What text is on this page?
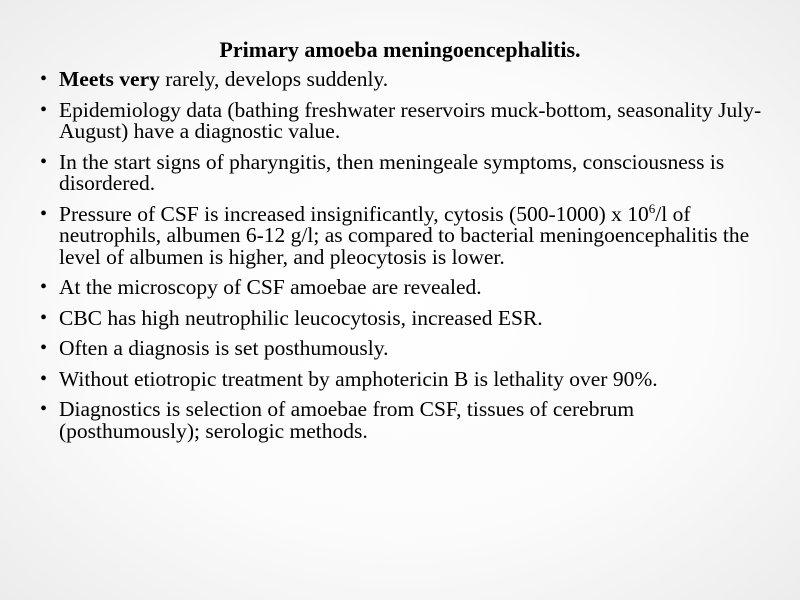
Primary amoeba meningoencephalitis.
• Meets very rarely, develops suddenly.
• Epidemiology data (bathing freshwater reservoirs muck-bottom, seasonality July-August) have a diagnostic value.
• In the start signs of pharyngitis, then meningeale symptoms, consciousness is disordered.
• Pressure of CSF is increased insignificantly, cytosis (500-1000) x $10^6/l$ of neutrophils, albumen 6-12 g/l; as compared to bacterial meningoencephalitis the level of albumen is higher, and pleocytosis is lower.
• At the microscopy of CSF amoebae are revealed.
• CBC has high neutrophilic leucocytosis, increased ESR.
• Often a diagnosis is set posthumously.
• Without etiotropic treatment by amphotericin B is lethality over 90%.
• Diagnostics is selection of amoebae from CSF, tissues of cerebrum (posthumously); serologic methods.
